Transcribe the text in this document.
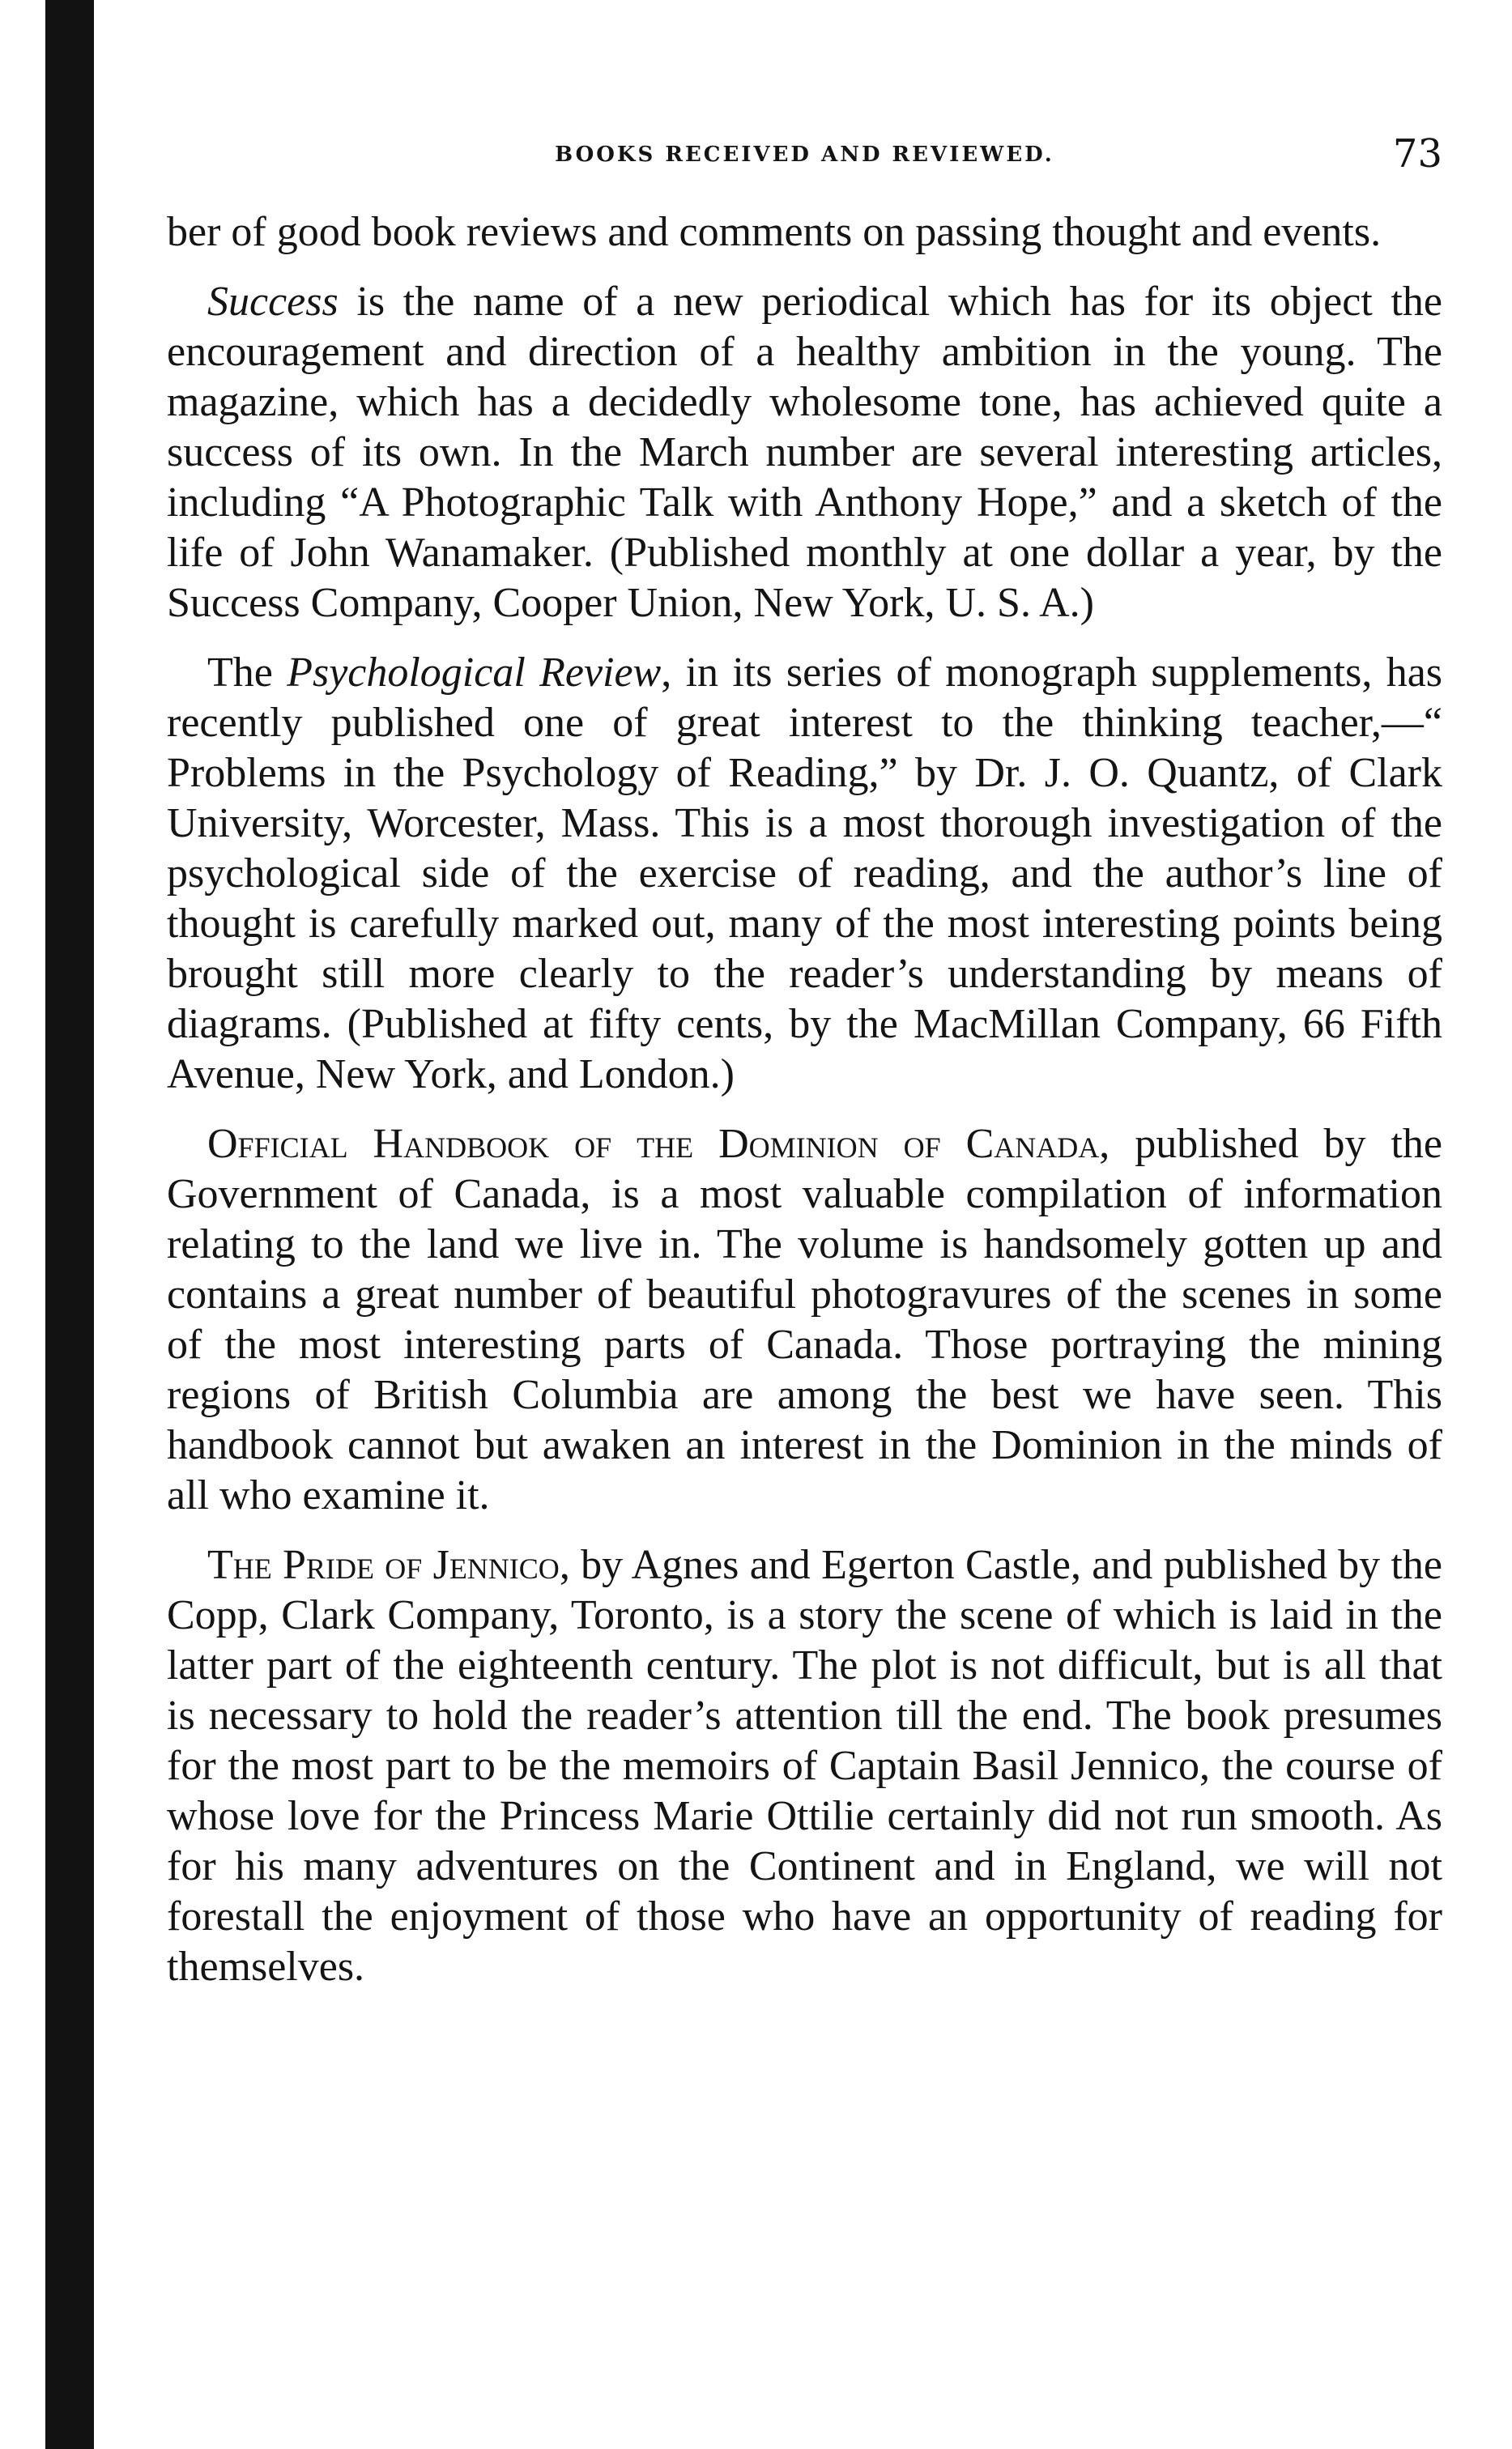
BOOKS RECEIVED AND REVIEWED.	73

ber of good book reviews and comments on passing thought and events.

Success is the name of a new periodical which has for its object the encouragement and direction of a healthy ambition in the young. The magazine, which has a decidedly wholesome tone, has achieved quite a success of its own. In the March number are several interesting articles, including “A Photographic Talk with Anthony Hope,” and a sketch of the life of John Wanamaker. (Published monthly at one dollar a year, by the Success Company, Cooper Union, New York, U. S. A.)

The Psychological Review, in its series of monograph supplements, has recently published one of great interest to the thinking teacher,—“ Problems in the Psychology of Reading,” by Dr. J. O. Quantz, of Clark University, Worcester, Mass. This is a most thorough investigation of the psychological side of the exercise of reading, and the author’s line of thought is carefully marked out, many of the most interesting points being brought still more clearly to the reader’s understanding by means of diagrams. (Published at fifty cents, by the MacMillan Company, 66 Fifth Avenue, New York, and London.)

Official Handbook of the Dominion of Canada, published by the Government of Canada, is a most valuable compilation of information relating to the land we live in. The volume is handsomely gotten up and contains a great number of beautiful photogravures of the scenes in some of the most interesting parts of Canada. Those portraying the mining regions of British Columbia are among the best we have seen. This handbook cannot but awaken an interest in the Dominion in the minds of all who examine it.

The Pride of Jennico, by Agnes and Egerton Castle, and published by the Copp, Clark Company, Toronto, is a story the scene of which is laid in the latter part of the eighteenth century. The plot is not difficult, but is all that is necessary to hold the reader’s attention till the end. The book presumes for the most part to be the memoirs of Captain Basil Jennico, the course of whose love for the Princess Marie Ottilie certainly did not run smooth. As for his many adventures on the Continent and in England, we will not forestall the enjoyment of those who have an opportunity of reading for themselves.
